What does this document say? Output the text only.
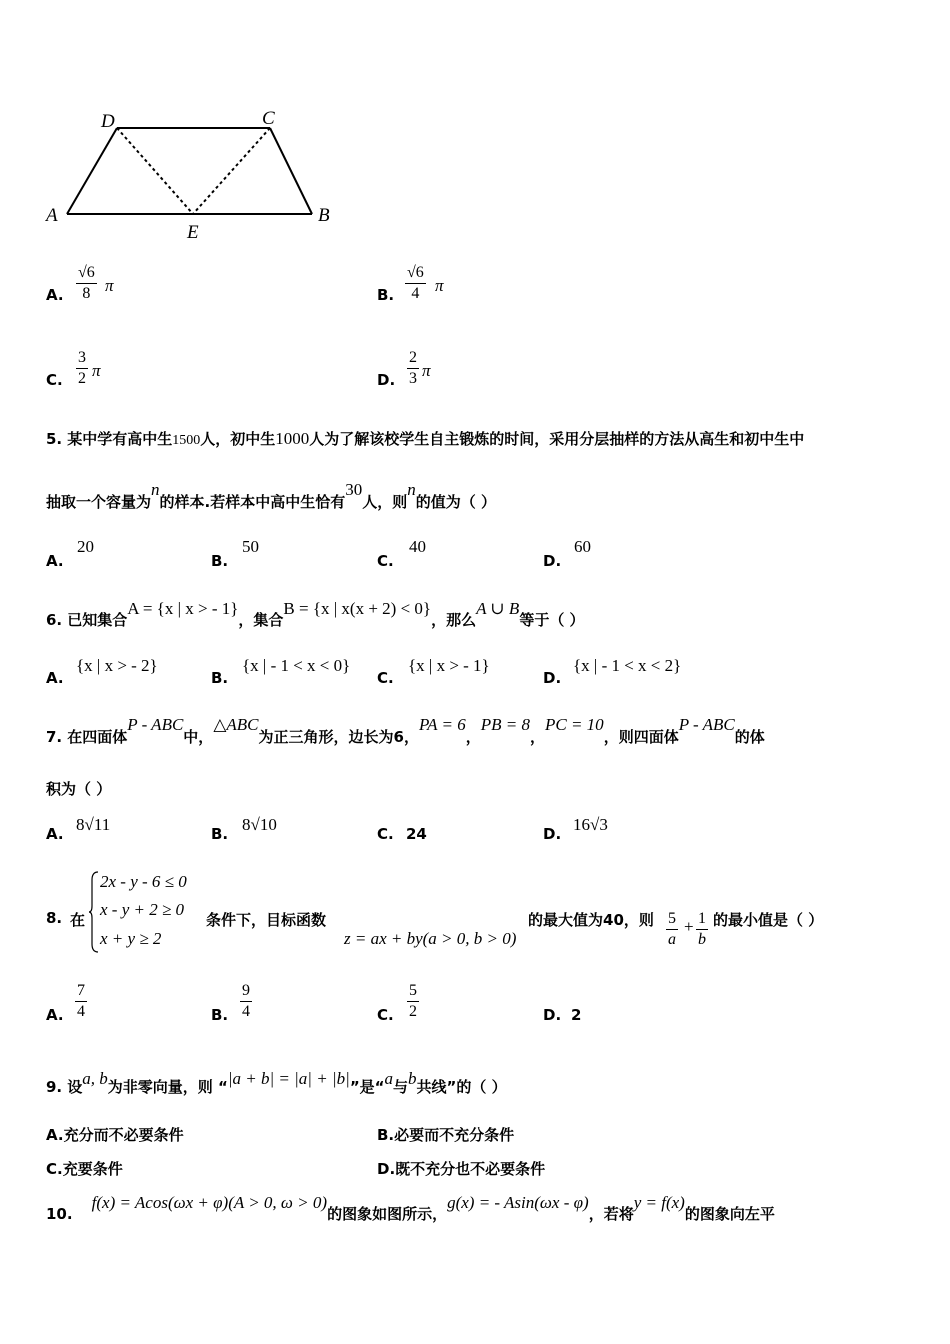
A	B
C
D
E
A. $\frac{√6}{8}$ π	B. $\frac{√6}{4}$ π
C. $\frac{3}{2}$ π	D. $\frac{2}{3}$ π
5. 某中学有高中生1500人，初中生1000人为了解该校学生自主锻炼的时间，采用分层抽样的方法从高生和初中生中
抽取一个容量为n的样本.若样本中高中生恰有30人，则n的值为（ ）
A.
20
B.
50
C.
40
D.
60
6. 已知集合A = {x | x > - 1}，集合B = {x | x(x + 2) < 0}，那么A ∪ B等于（ ）
A.
{x | x > - 2}
B.
{x | - 1 < x < 0}
C.
{x | x > - 1}
D.
{x | - 1 < x < 2}
7. 在四面体P - ABC中，△ABC为正三角形，边长为6，PA = 6，PB = 8，PC = 10，则四面体P - ABC的体
积为（ ）
A. 8√11	B. 8√10	C. 24	D. 16√3
8. 在
2x - y - 6 ≤ 0
x - y + 2 ≥ 0
x + y ≥ 2
条件下，目标函数
z = ax + by(a > 0, b > 0)
的最大值为40，则 $\frac{5}{a} + \frac{1}{b}$ 的最小值是（ ）
A. $\frac{7}{4}$	B. $\frac{9}{4}$	C. $\frac{5}{2}$	D. 2
9. 设a, b为非零向量，则 “|a + b| = |a| + |b|”是“a与b共线”的（ ）
A.充分而不必要条件	B.必要而不充分条件
C.充要条件	D.既不充分也不必要条件
10. f(x) = Acos(ωx + φ)(A > 0, ω > 0)的图象如图所示，g(x) = - Asin(ωx - φ)，若将y = f(x)的图象向左平
